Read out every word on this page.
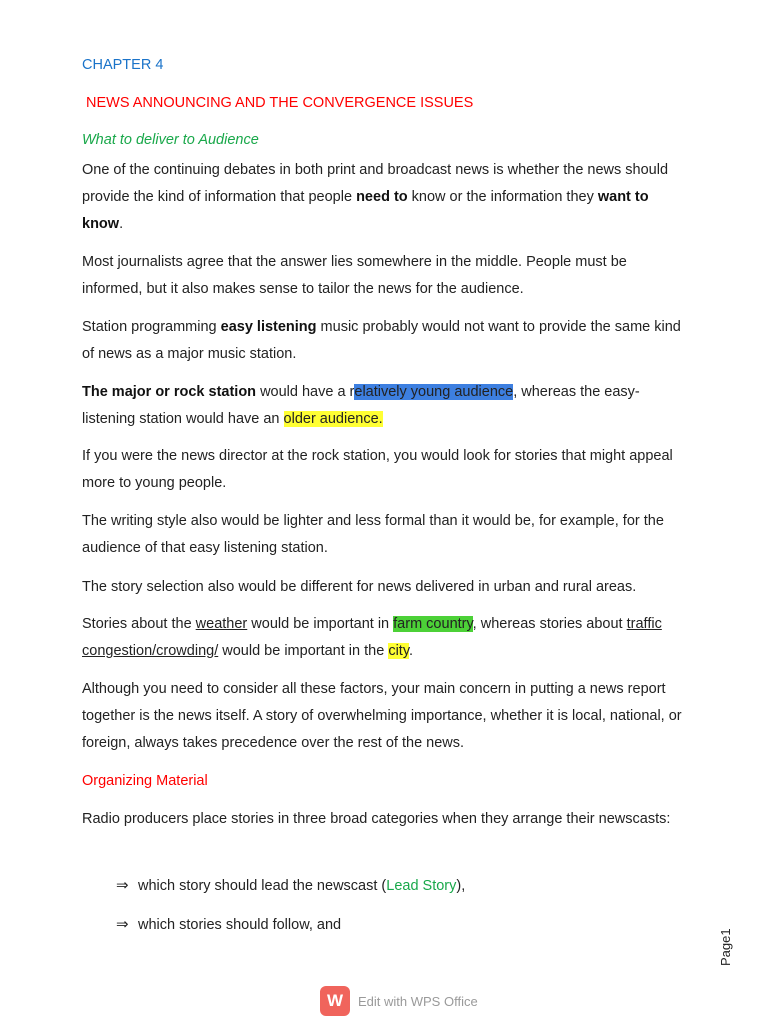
CHAPTER 4
NEWS ANNOUNCING AND THE CONVERGENCE ISSUES
What to deliver to Audience

One of the continuing debates in both print and broadcast news is whether the news should provide the kind of information that people need to know or the information they want to know.

Most journalists agree that the answer lies somewhere in the middle. People must be informed, but it also makes sense to tailor the news for the audience.

Station programming easy listening music probably would not want to provide the same kind of news as a major music station.

The major or rock station would have a relatively young audience, whereas the easy-listening station would have an older audience.

If you were the news director at the rock station, you would look for stories that might appeal more to young people.

The writing style also would be lighter and less formal than it would be, for example, for the audience of that easy listening station.

The story selection also would be different for news delivered in urban and rural areas.

Stories about the weather would be important in farm country, whereas stories about traffic congestion/crowding/ would be important in the city.

Although you need to consider all these factors, your main concern in putting a news report together is the news itself. A story of overwhelming importance, whether it is local, national, or foreign, always takes precedence over the rest of the news.

Organizing Material

Radio producers place stories in three broad categories when they arrange their newscasts:

⇒ which story should lead the newscast (Lead Story),
⇒ which stories should follow, and
Page1
W	Edit with WPS Office
